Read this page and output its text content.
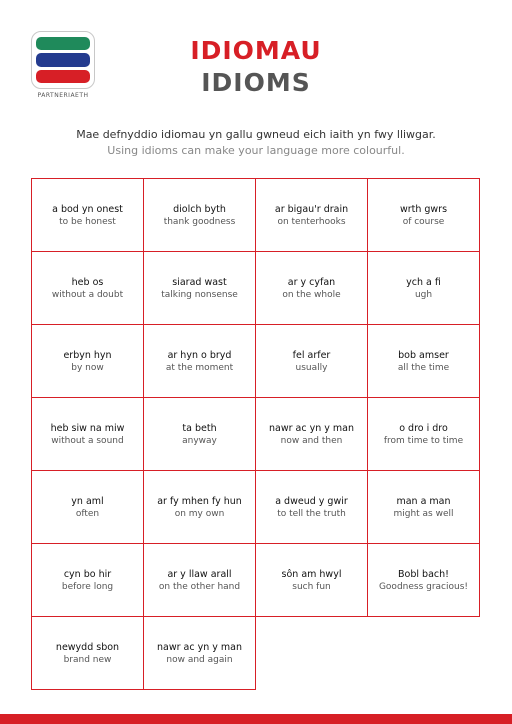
PARTNERIAETH
IDIOMAU
IDIOMS
Mae defnyddio idiomau yn gallu gwneud eich iaith yn fwy lliwgar.
Using idioms can make your language more colourful.
a bod yn onest
to be honest
diolch byth
thank goodness
ar bigau'r drain
on tenterhooks
wrth gwrs
of course
heb os
without a doubt
siarad wast
talking nonsense
ar y cyfan
on the whole
ych a fi
ugh
erbyn hyn
by now
ar hyn o bryd
at the moment
fel arfer
usually
bob amser
all the time
heb siw na miw
without a sound
ta beth
anyway
nawr ac yn y man
now and then
o dro i dro
from time to time
yn aml
often
ar fy mhen fy hun
on my own
a dweud y gwir
to tell the truth
man a man
might as well
cyn bo hir
before long
ar y llaw arall
on the other hand
sôn am hwyl
such fun
Bobl bach!
Goodness gracious!
newydd sbon
brand new
nawr ac yn y man
now and again
